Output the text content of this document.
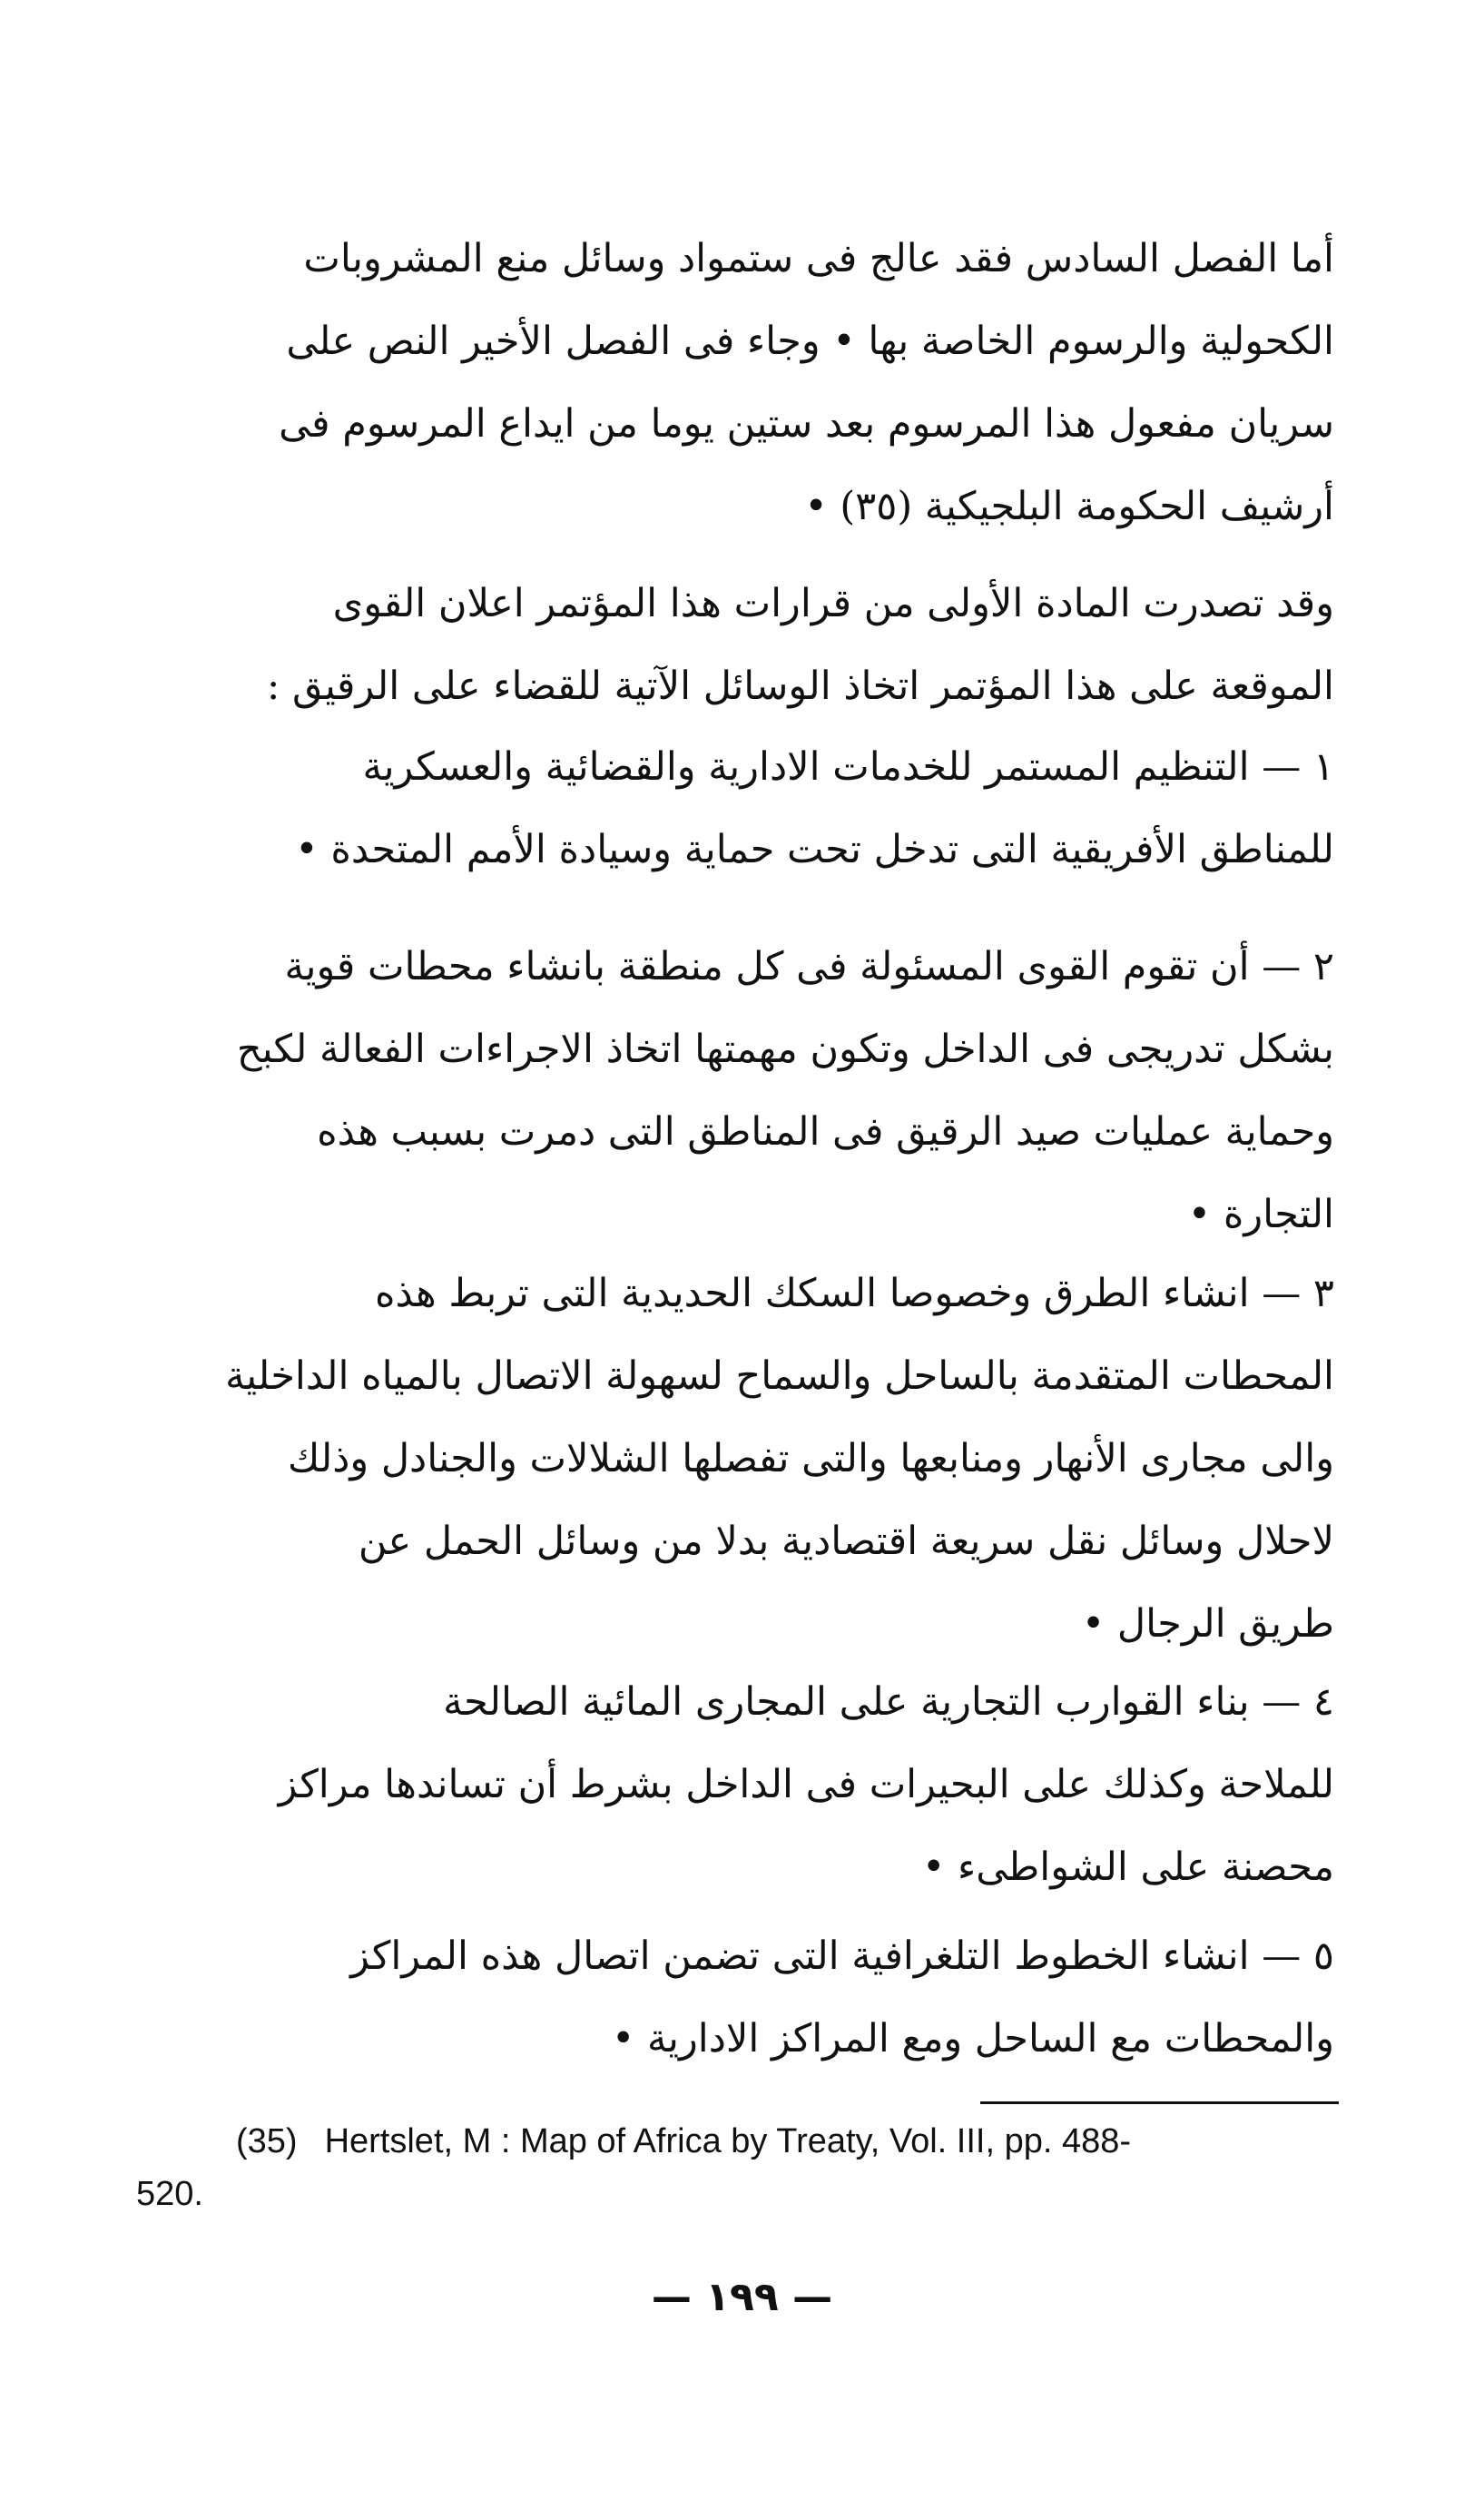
أما الفصل السادس فقد عالج فى ستمواد وسائل منع المشروبات
الكحولية والرسوم الخاصة بها • وجاء فى الفصل الأخير النص على
سريان مفعول هذا المرسوم بعد ستين يوما من ايداع المرسوم فى
أرشيف الحكومة البلجيكية (٣٥) •
وقد تصدرت المادة الأولى من قرارات هذا المؤتمر اعلان القوى
الموقعة على هذا المؤتمر اتخاذ الوسائل الآتية للقضاء على الرقيق :
١ — التنظيم المستمر للخدمات الادارية والقضائية والعسكرية
للمناطق الأفريقية التى تدخل تحت حماية وسيادة الأمم المتحدة •
٢ — أن تقوم القوى المسئولة فى كل منطقة بانشاء محطات قوية
بشكل تدريجى فى الداخل وتكون مهمتها اتخاذ الاجراءات الفعالة لكبح
وحماية عمليات صيد الرقيق فى المناطق التى دمرت بسبب هذه
التجارة •
٣ — انشاء الطرق وخصوصا السكك الحديدية التى تربط هذه
المحطات المتقدمة بالساحل والسماح لسهولة الاتصال بالمياه الداخلية
والى مجارى الأنهار ومنابعها والتى تفصلها الشلالات والجنادل وذلك
لاحلال وسائل نقل سريعة اقتصادية بدلا من وسائل الحمل عن
طريق الرجال •
٤ — بناء القوارب التجارية على المجارى المائية الصالحة
للملاحة وكذلك على البحيرات فى الداخل بشرط أن تساندها مراكز
محصنة على الشواطىء •
٥ — انشاء الخطوط التلغرافية التى تضمن اتصال هذه المراكز
والمحطات مع الساحل ومع المراكز الادارية •
(35) Hertslet, M : Map of Africa by Treaty, Vol. III, pp. 488-
520.
— ١٩٩ —
